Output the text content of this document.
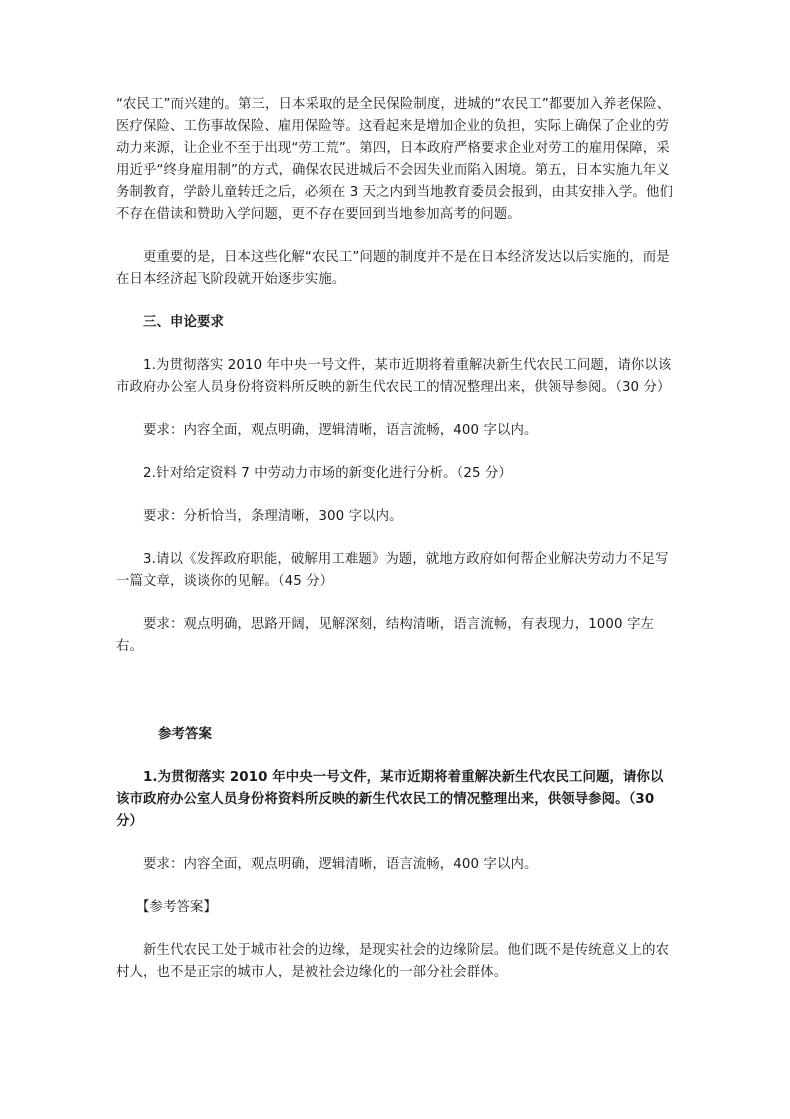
“农民工”而兴建的。第三，日本采取的是全民保险制度，进城的“农民工”都要加入养老保险、医疗保险、工伤事故保险、雇用保险等。这看起来是增加企业的负担，实际上确保了企业的劳动力来源，让企业不至于出现“劳工荒”。第四，日本政府严格要求企业对劳工的雇用保障，采用近乎“终身雇用制”的方式，确保农民进城后不会因失业而陷入困境。第五，日本实施九年义务制教育，学龄儿童转迁之后，必须在 3 天之内到当地教育委员会报到，由其安排入学。他们不存在借读和赞助入学问题，更不存在要回到当地参加高考的问题。

更重要的是，日本这些化解“农民工”问题的制度并不是在日本经济发达以后实施的，而是在日本经济起飞阶段就开始逐步实施。

三、申论要求

1.为贯彻落实 2010 年中央一号文件，某市近期将着重解决新生代农民工问题，请你以该市政府办公室人员身份将资料所反映的新生代农民工的情况整理出来，供领导参阅。（30 分）

要求：内容全面，观点明确，逻辑清晰，语言流畅，400 字以内。

2.针对给定资料 7 中劳动力市场的新变化进行分析。（25 分）

要求：分析恰当，条理清晰，300 字以内。

3.请以《发挥政府职能，破解用工难题》为题，就地方政府如何帮企业解决劳动力不足写一篇文章，谈谈你的见解。（45 分）

要求：观点明确，思路开阔，见解深刻，结构清晰，语言流畅，有表现力，1000 字左右。

参考答案

1.为贯彻落实 2010 年中央一号文件，某市近期将着重解决新生代农民工问题，请你以该市政府办公室人员身份将资料所反映的新生代农民工的情况整理出来，供领导参阅。（30 分）

要求：内容全面，观点明确，逻辑清晰，语言流畅，400 字以内。

【参考答案】

新生代农民工处于城市社会的边缘，是现实社会的边缘阶层。他们既不是传统意义上的农村人，也不是正宗的城市人，是被社会边缘化的一部分社会群体。
